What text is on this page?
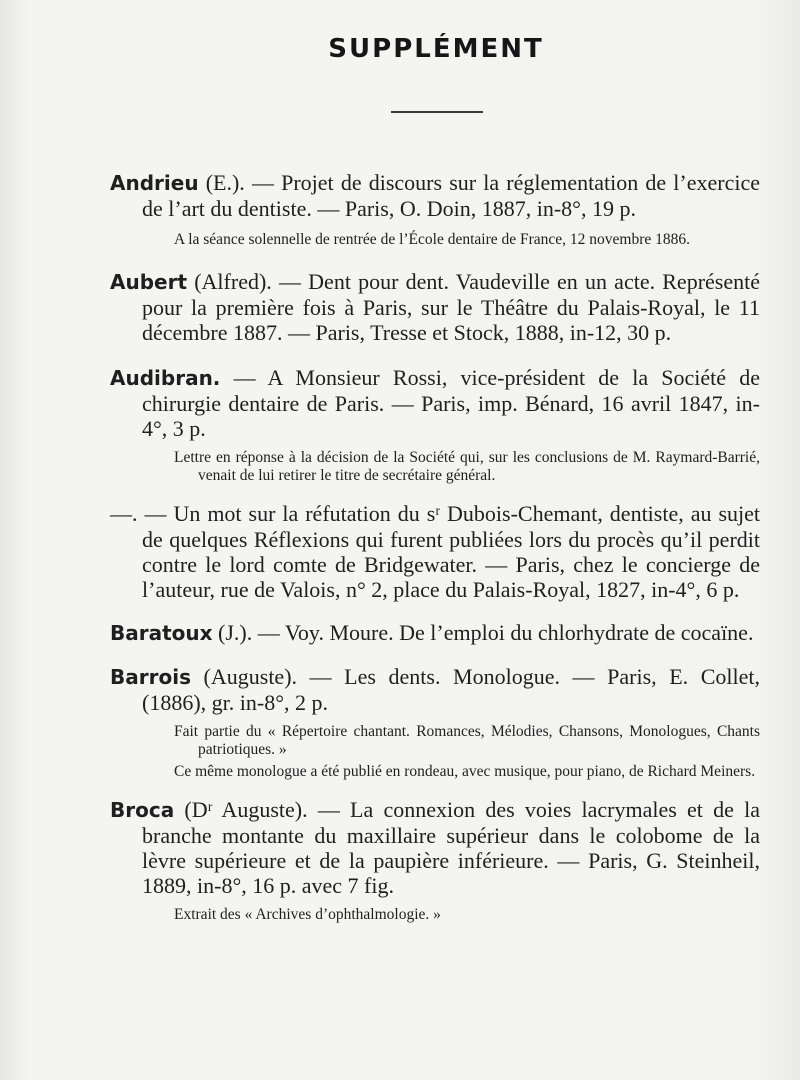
SUPPLÉMENT

Andrieu (E.). — Projet de discours sur la réglementation de l’exercice de l’art du dentiste. — Paris, O. Doin, 1887, in-8°, 19 p.

A la séance solennelle de rentrée de l’École dentaire de France, 12 novembre 1886.

Aubert (Alfred). — Dent pour dent. Vaudeville en un acte. Représenté pour la première fois à Paris, sur le Théâtre du Palais-Royal, le 11 décembre 1887. — Paris, Tresse et Stock, 1888, in-12, 30 p.

Audibran. — A Monsieur Rossi, vice-président de la Société de chirurgie dentaire de Paris. — Paris, imp. Bénard, 16 avril 1847, in-4°, 3 p.

Lettre en réponse à la décision de la Société qui, sur les conclusions de M. Raymard-Barrié, venait de lui retirer le titre de secrétaire général.

—. — Un mot sur la réfutation du sʳ Dubois-Chemant, dentiste, au sujet de quelques Réflexions qui furent publiées lors du procès qu’il perdit contre le lord comte de Bridgewater. — Paris, chez le concierge de l’auteur, rue de Valois, n° 2, place du Palais-Royal, 1827, in-4°, 6 p.

Baratoux (J.). — Voy. Moure. De l’emploi du chlorhydrate de cocaïne.

Barrois (Auguste). — Les dents. Monologue. — Paris, E. Collet, (1886), gr. in-8°, 2 p.

Fait partie du « Répertoire chantant. Romances, Mélodies, Chansons, Monologues, Chants patriotiques. »

Ce même monologue a été publié en rondeau, avec musique, pour piano, de Richard Meiners.

Broca (Dʳ Auguste). — La connexion des voies lacrymales et de la branche montante du maxillaire supérieur dans le colobome de la lèvre supérieure et de la paupière inférieure. — Paris, G. Steinheil, 1889, in-8°, 16 p. avec 7 fig.

Extrait des « Archives d’ophthalmologie. »
